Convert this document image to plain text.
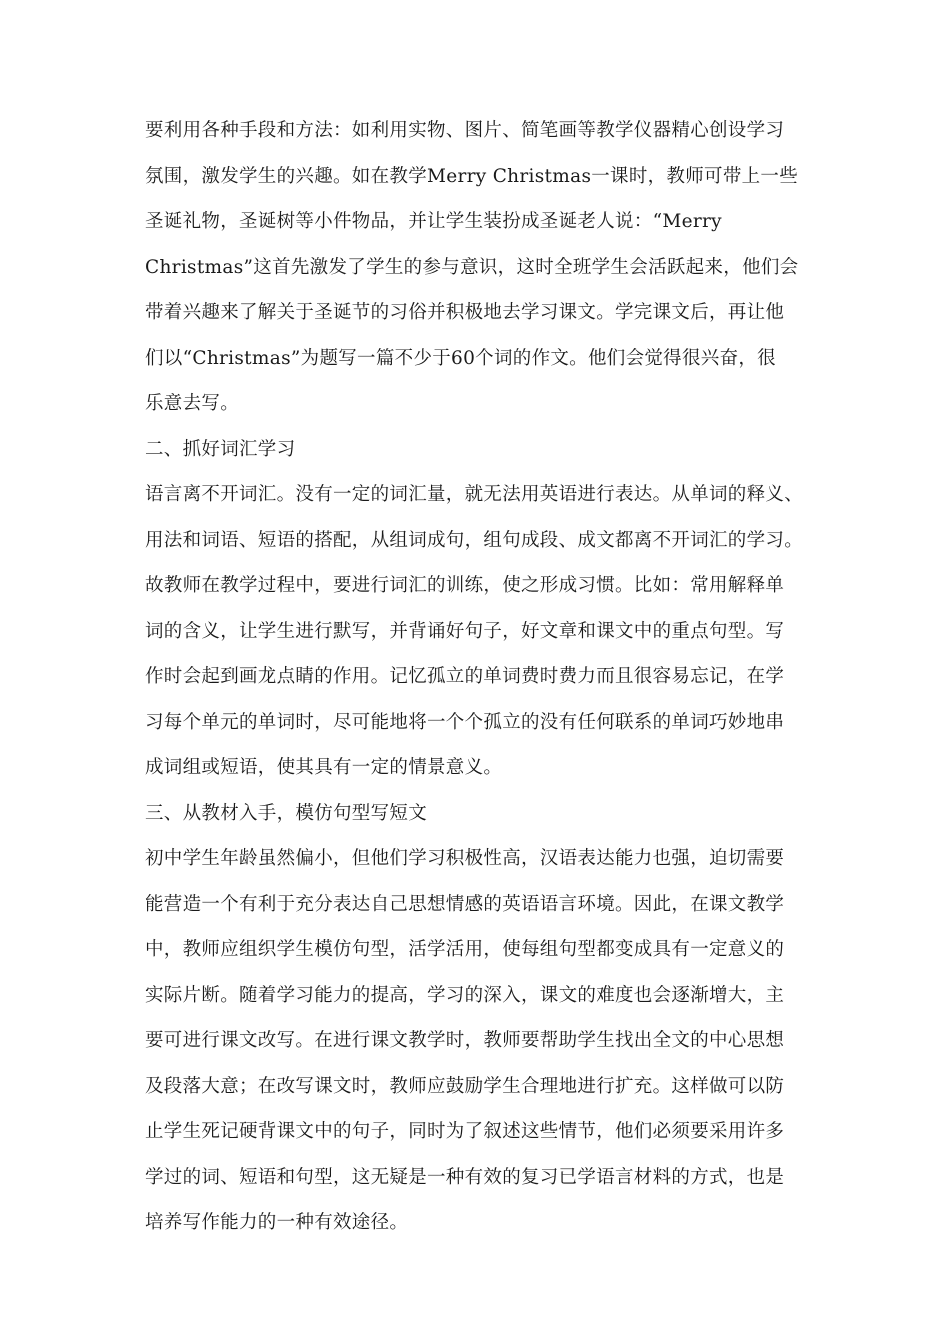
要利用各种手段和方法：如利用实物、图片、简笔画等教学仪器精心创设学习
氛围，激发学生的兴趣。如在教学Merry Christmas一课时，教师可带上一些
圣诞礼物，圣诞树等小件物品，并让学生装扮成圣诞老人说：“Merry
Christmas”这首先激发了学生的参与意识，这时全班学生会活跃起来，他们会
带着兴趣来了解关于圣诞节的习俗并积极地去学习课文。学完课文后，再让他
们以“Christmas”为题写一篇不少于60个词的作文。他们会觉得很兴奋，很
乐意去写。
二、抓好词汇学习
语言离不开词汇。没有一定的词汇量，就无法用英语进行表达。从单词的释义、
用法和词语、短语的搭配，从组词成句，组句成段、成文都离不开词汇的学习。
故教师在教学过程中，要进行词汇的训练，使之形成习惯。比如：常用解释单
词的含义，让学生进行默写，并背诵好句子，好文章和课文中的重点句型。写
作时会起到画龙点睛的作用。记忆孤立的单词费时费力而且很容易忘记，在学
习每个单元的单词时，尽可能地将一个个孤立的没有任何联系的单词巧妙地串
成词组或短语，使其具有一定的情景意义。
三、从教材入手，模仿句型写短文
初中学生年龄虽然偏小，但他们学习积极性高，汉语表达能力也强，迫切需要
能营造一个有利于充分表达自己思想情感的英语语言环境。因此，在课文教学
中，教师应组织学生模仿句型，活学活用，使每组句型都变成具有一定意义的
实际片断。随着学习能力的提高，学习的深入，课文的难度也会逐渐增大，主
要可进行课文改写。在进行课文教学时，教师要帮助学生找出全文的中心思想
及段落大意；在改写课文时，教师应鼓励学生合理地进行扩充。这样做可以防
止学生死记硬背课文中的句子，同时为了叙述这些情节，他们必须要采用许多
学过的词、短语和句型，这无疑是一种有效的复习已学语言材料的方式，也是
培养写作能力的一种有效途径。
